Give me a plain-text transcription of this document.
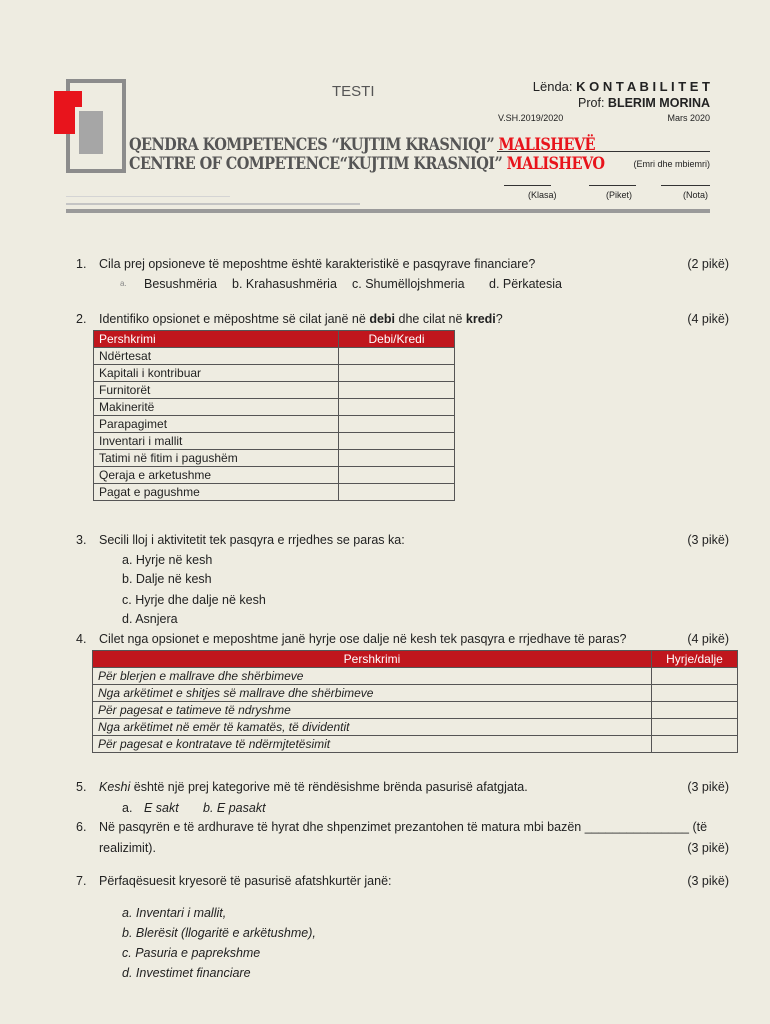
TESTI	Lënda: K O N T A B I L I T E T
Prof: BLERIM MORINA
V.SH.2019/2020	Mars 2020
QENDRA KOMPETENCES “KUJTIM KRASNIQI” MALISHEVË
CENTRE OF COMPETENCE“KUJTIM KRASNIQI” MALISHEVO	(Emri dhe mbiemri)
(Klasa)	(Piket)	(Nota)
1. Cila prej opsioneve të meposhtme është karakteristikë e pasqyrave financiare?	(2 pikë)
a. Besushmëria b. Krahasushmëria c. Shumëllojshmeria d. Përkatesia
2. Identifiko opsionet e mëposhtme së cilat janë në debi dhe cilat në kredi?	(4 pikë)
Pershkrimi	Debi/Kredi
Ndërtesat	
Kapitali i kontribuar	
Furnitorët	
Makineritë	
Parapagimet	
Inventari i mallit	
Tatimi në fitim i pagushëm	
Qeraja e arketushme	
Pagat e pagushme	
3. Secili lloj i aktivitetit tek pasqyra e rrjedhes se paras ka:	(3 pikë)
a. Hyrje në kesh
b. Dalje në kesh
c. Hyrje dhe dalje në kesh
d. Asnjera
4. Cilet nga opsionet e meposhtme janë hyrje ose dalje në kesh tek pasqyra e rrjedhave të paras?	(4 pikë)
Pershkrimi	Hyrje/dalje
Për blerjen e mallrave dhe shërbimeve	
Nga arkëtimet e shitjes së mallrave dhe shërbimeve	
Për pagesat e tatimeve të ndryshme	
Nga arkëtimet në emër të kamatës, të dividentit	
Për pagesat e kontratave të ndërmjtetësimit	
5. Keshi është një prej kategorive më të rëndësishme brënda pasurisë afatgjata.	(3 pikë)
a. E sakt b. E pasakt
6. Në pasqyrën e të ardhurave të hyrat dhe shpenzimet prezantohen të matura mbi bazën _______________ (të
realizimit).	(3 pikë)
7. Përfaqësuesit kryesorë të pasurisë afatshkurtër janë:	(3 pikë)
a. Inventari i mallit,
b. Blerësit (llogaritë e arkëtushme),
c. Pasuria e paprekshme
d. Investimet financiare
